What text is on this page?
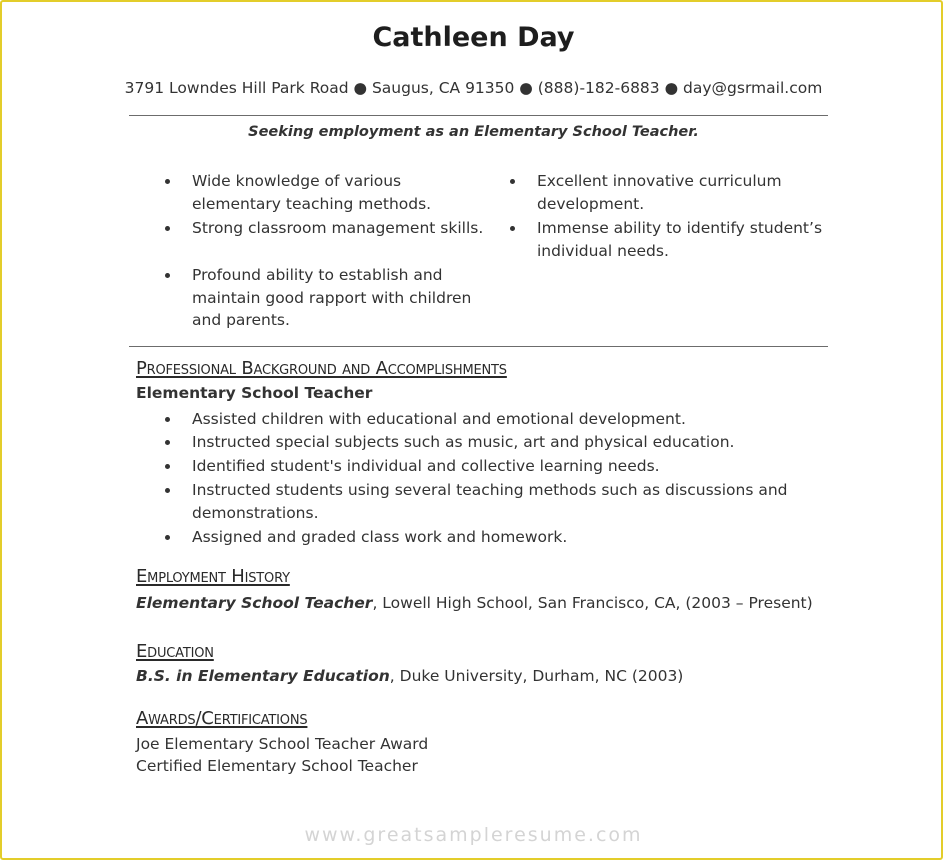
Cathleen Day
3791 Lowndes Hill Park Road ● Saugus, CA 91350 ● (888)-182-6883 ● day@gsrmail.com
Seeking employment as an Elementary School Teacher.
Wide knowledge of various
elementary teaching methods.
Strong classroom management skills.
Profound ability to establish and
maintain good rapport with children
and parents.
Excellent innovative curriculum
development.
Immense ability to identify student’s
individual needs.
Professional Background and Accomplishments
Elementary School Teacher
Assisted children with educational and emotional development.
Instructed special subjects such as music, art and physical education.
Identified student's individual and collective learning needs.
Instructed students using several teaching methods such as discussions and
demonstrations.
Assigned and graded class work and homework.
Employment History
Elementary School Teacher, Lowell High School, San Francisco, CA, (2003 – Present)
Education
B.S. in Elementary Education, Duke University, Durham, NC (2003)
Awards/Certifications
Joe Elementary School Teacher Award
Certified Elementary School Teacher
www.greatsampleresume.com
